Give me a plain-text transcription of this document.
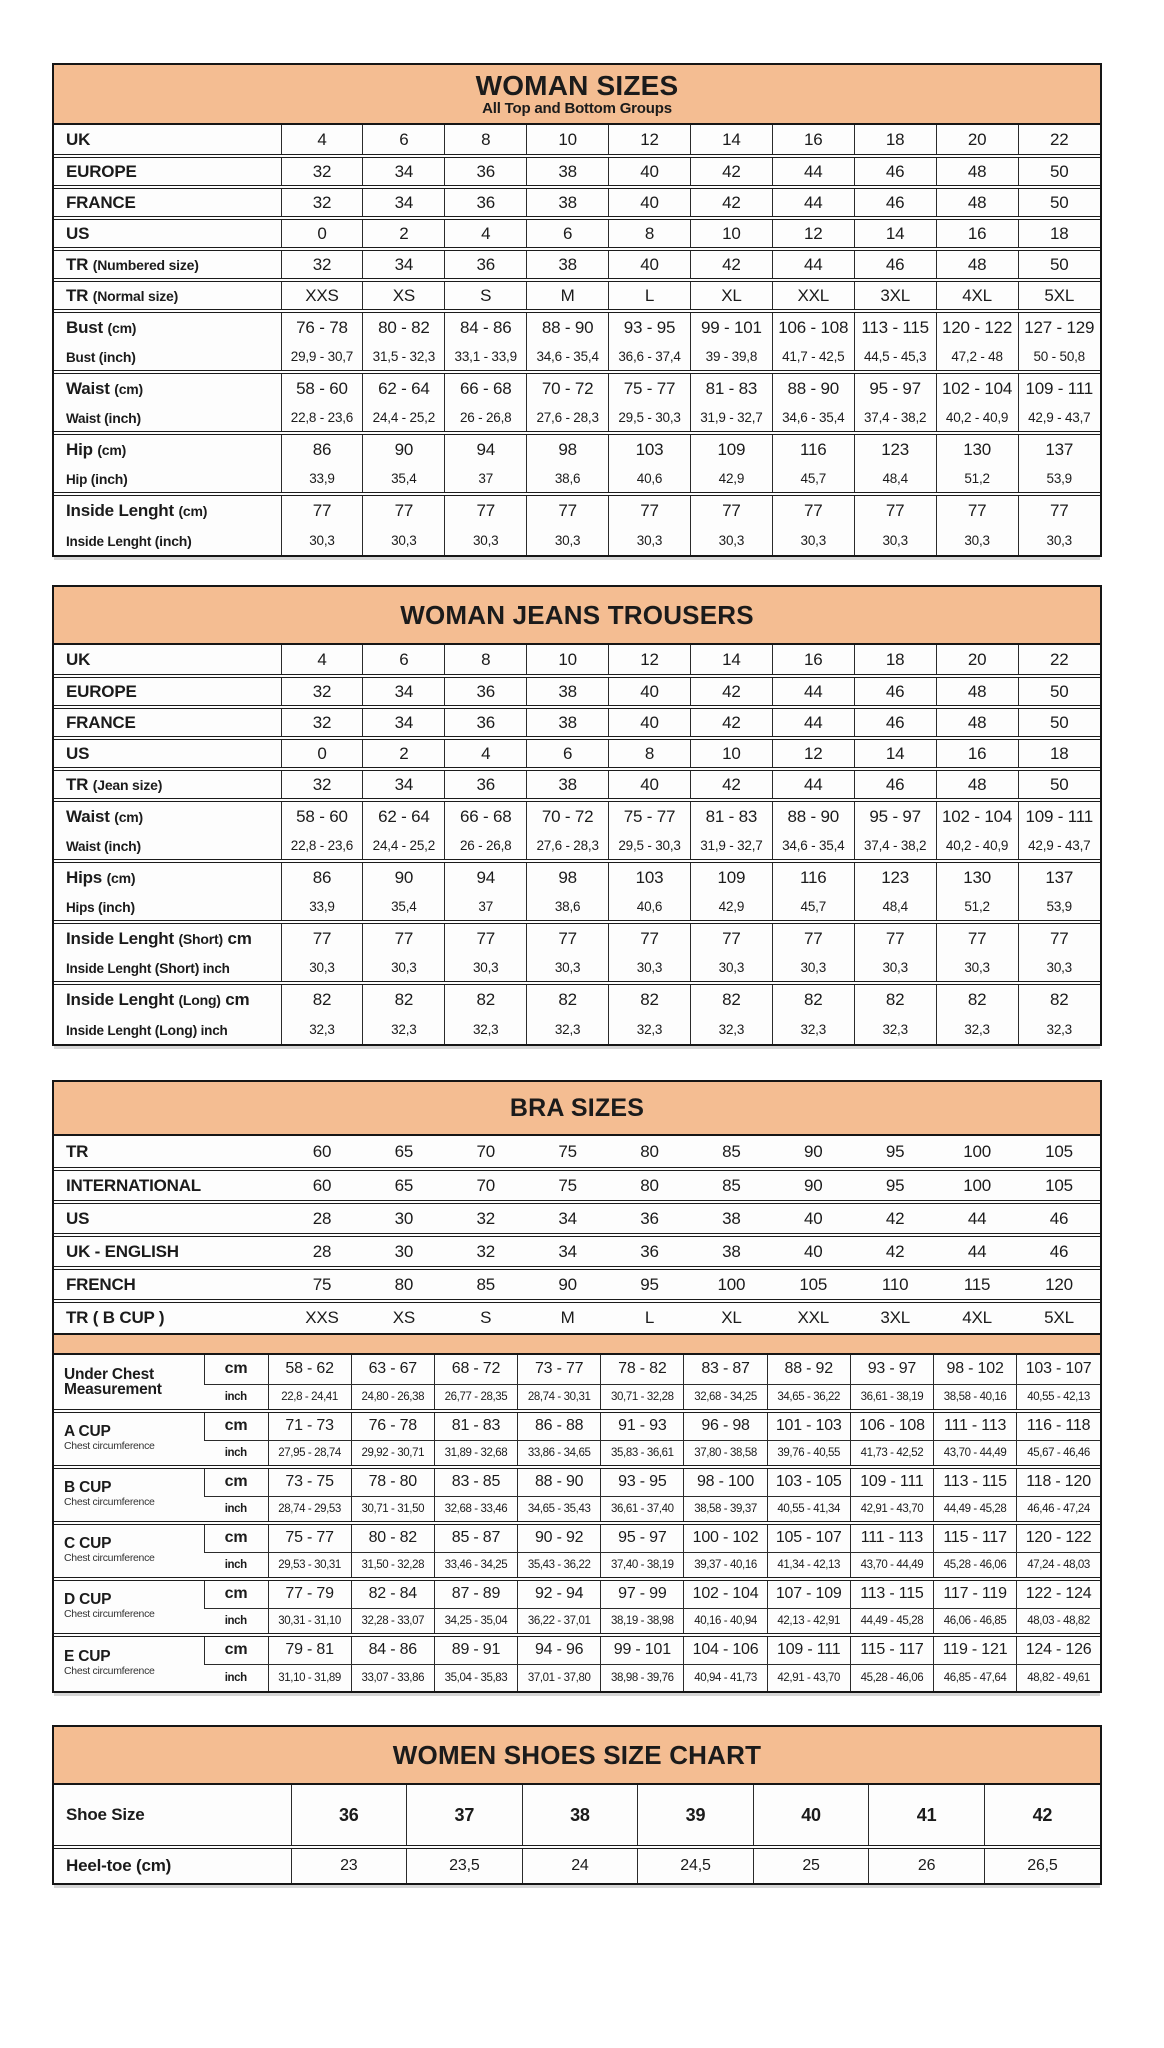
WOMAN SIZES
All Top and Bottom Groups
UK	4	6	8	10	12	14	16	18	20	22
EUROPE	32	34	36	38	40	42	44	46	48	50
FRANCE	32	34	36	38	40	42	44	46	48	50
US	0	2	4	6	8	10	12	14	16	18
TR (Numbered size)	32	34	36	38	40	42	44	46	48	50
TR (Normal size)	XXS	XS	S	M	L	XL	XXL	3XL	4XL	5XL
Bust (cm)	76 - 78	80 - 82	84 - 86	88 - 90	93 - 95	99 - 101	106 - 108	113 - 115	120 - 122	127 - 129
Bust (inch)	29,9 - 30,7	31,5 - 32,3	33,1 - 33,9	34,6 - 35,4	36,6 - 37,4	39 - 39,8	41,7 - 42,5	44,5 - 45,3	47,2 - 48	50 - 50,8
Waist (cm)	58 - 60	62 - 64	66 - 68	70 - 72	75 - 77	81 - 83	88 - 90	95 - 97	102 - 104	109 - 111
Waist (inch)	22,8 - 23,6	24,4 - 25,2	26 - 26,8	27,6 - 28,3	29,5 - 30,3	31,9 - 32,7	34,6 - 35,4	37,4 - 38,2	40,2 - 40,9	42,9 - 43,7
Hip (cm)	86	90	94	98	103	109	116	123	130	137
Hip (inch)	33,9	35,4	37	38,6	40,6	42,9	45,7	48,4	51,2	53,9
Inside Lenght (cm)	77	77	77	77	77	77	77	77	77	77
Inside Lenght (inch)	30,3	30,3	30,3	30,3	30,3	30,3	30,3	30,3	30,3	30,3
WOMAN JEANS TROUSERS
UK	4	6	8	10	12	14	16	18	20	22
EUROPE	32	34	36	38	40	42	44	46	48	50
FRANCE	32	34	36	38	40	42	44	46	48	50
US	0	2	4	6	8	10	12	14	16	18
TR (Jean size)	32	34	36	38	40	42	44	46	48	50
Waist (cm)	58 - 60	62 - 64	66 - 68	70 - 72	75 - 77	81 - 83	88 - 90	95 - 97	102 - 104	109 - 111
Waist (inch)	22,8 - 23,6	24,4 - 25,2	26 - 26,8	27,6 - 28,3	29,5 - 30,3	31,9 - 32,7	34,6 - 35,4	37,4 - 38,2	40,2 - 40,9	42,9 - 43,7
Hips (cm)	86	90	94	98	103	109	116	123	130	137
Hips (inch)	33,9	35,4	37	38,6	40,6	42,9	45,7	48,4	51,2	53,9
Inside Lenght (Short) cm	77	77	77	77	77	77	77	77	77	77
Inside Lenght (Short) inch	30,3	30,3	30,3	30,3	30,3	30,3	30,3	30,3	30,3	30,3
Inside Lenght (Long) cm	82	82	82	82	82	82	82	82	82	82
Inside Lenght (Long) inch	32,3	32,3	32,3	32,3	32,3	32,3	32,3	32,3	32,3	32,3
BRA SIZES
TR	60	65	70	75	80	85	90	95	100	105
INTERNATIONAL	60	65	70	75	80	85	90	95	100	105
US	28	30	32	34	36	38	40	42	44	46
UK - ENGLISH	28	30	32	34	36	38	40	42	44	46
FRENCH	75	80	85	90	95	100	105	110	115	120
TR ( B CUP )	XXS	XS	S	M	L	XL	XXL	3XL	4XL	5XL

Under Chest Measurement	cm	58 - 62	63 - 67	68 - 72	73 - 77	78 - 82	83 - 87	88 - 92	93 - 97	98 - 102	103 - 107
	inch	22,8 - 24,41	24,80 - 26,38	26,77 - 28,35	28,74 - 30,31	30,71 - 32,28	32,68 - 34,25	34,65 - 36,22	36,61 - 38,19	38,58 - 40,16	40,55 - 42,13

A CUP
Chest circumference	cm	71 - 73	76 - 78	81 - 83	86 - 88	91 - 93	96 - 98	101 - 103	106 - 108	111 - 113	116 - 118
	inch	27,95 - 28,74	29,92 - 30,71	31,89 - 32,68	33,86 - 34,65	35,83 - 36,61	37,80 - 38,58	39,76 - 40,55	41,73 - 42,52	43,70 - 44,49	45,67 - 46,46

B CUP
Chest circumference	cm	73 - 75	78 - 80	83 - 85	88 - 90	93 - 95	98 - 100	103 - 105	109 - 111	113 - 115	118 - 120
	inch	28,74 - 29,53	30,71 - 31,50	32,68 - 33,46	34,65 - 35,43	36,61 - 37,40	38,58 - 39,37	40,55 - 41,34	42,91 - 43,70	44,49 - 45,28	46,46 - 47,24

C CUP
Chest circumference	cm	75 - 77	80 - 82	85 - 87	90 - 92	95 - 97	100 - 102	105 - 107	111 - 113	115 - 117	120 - 122
	inch	29,53 - 30,31	31,50 - 32,28	33,46 - 34,25	35,43 - 36,22	37,40 - 38,19	39,37 - 40,16	41,34 - 42,13	43,70 - 44,49	45,28 - 46,06	47,24 - 48,03

D CUP
Chest circumference	cm	77 - 79	82 - 84	87 - 89	92 - 94	97 - 99	102 - 104	107 - 109	113 - 115	117 - 119	122 - 124
	inch	30,31 - 31,10	32,28 - 33,07	34,25 - 35,04	36,22 - 37,01	38,19 - 38,98	40,16 - 40,94	42,13 - 42,91	44,49 - 45,28	46,06 - 46,85	48,03 - 48,82

E CUP
Chest circumference	cm	79 - 81	84 - 86	89 - 91	94 - 96	99 - 101	104 - 106	109 - 111	115 - 117	119 - 121	124 - 126
	inch	31,10 - 31,89	33,07 - 33,86	35,04 - 35,83	37,01 - 37,80	38,98 - 39,76	40,94 - 41,73	42,91 - 43,70	45,28 - 46,06	46,85 - 47,64	48,82 - 49,61
WOMEN SHOES SIZE CHART
Shoe Size	36	37	38	39	40	41	42
Heel-toe (cm)	23	23,5	24	24,5	25	26	26,5
